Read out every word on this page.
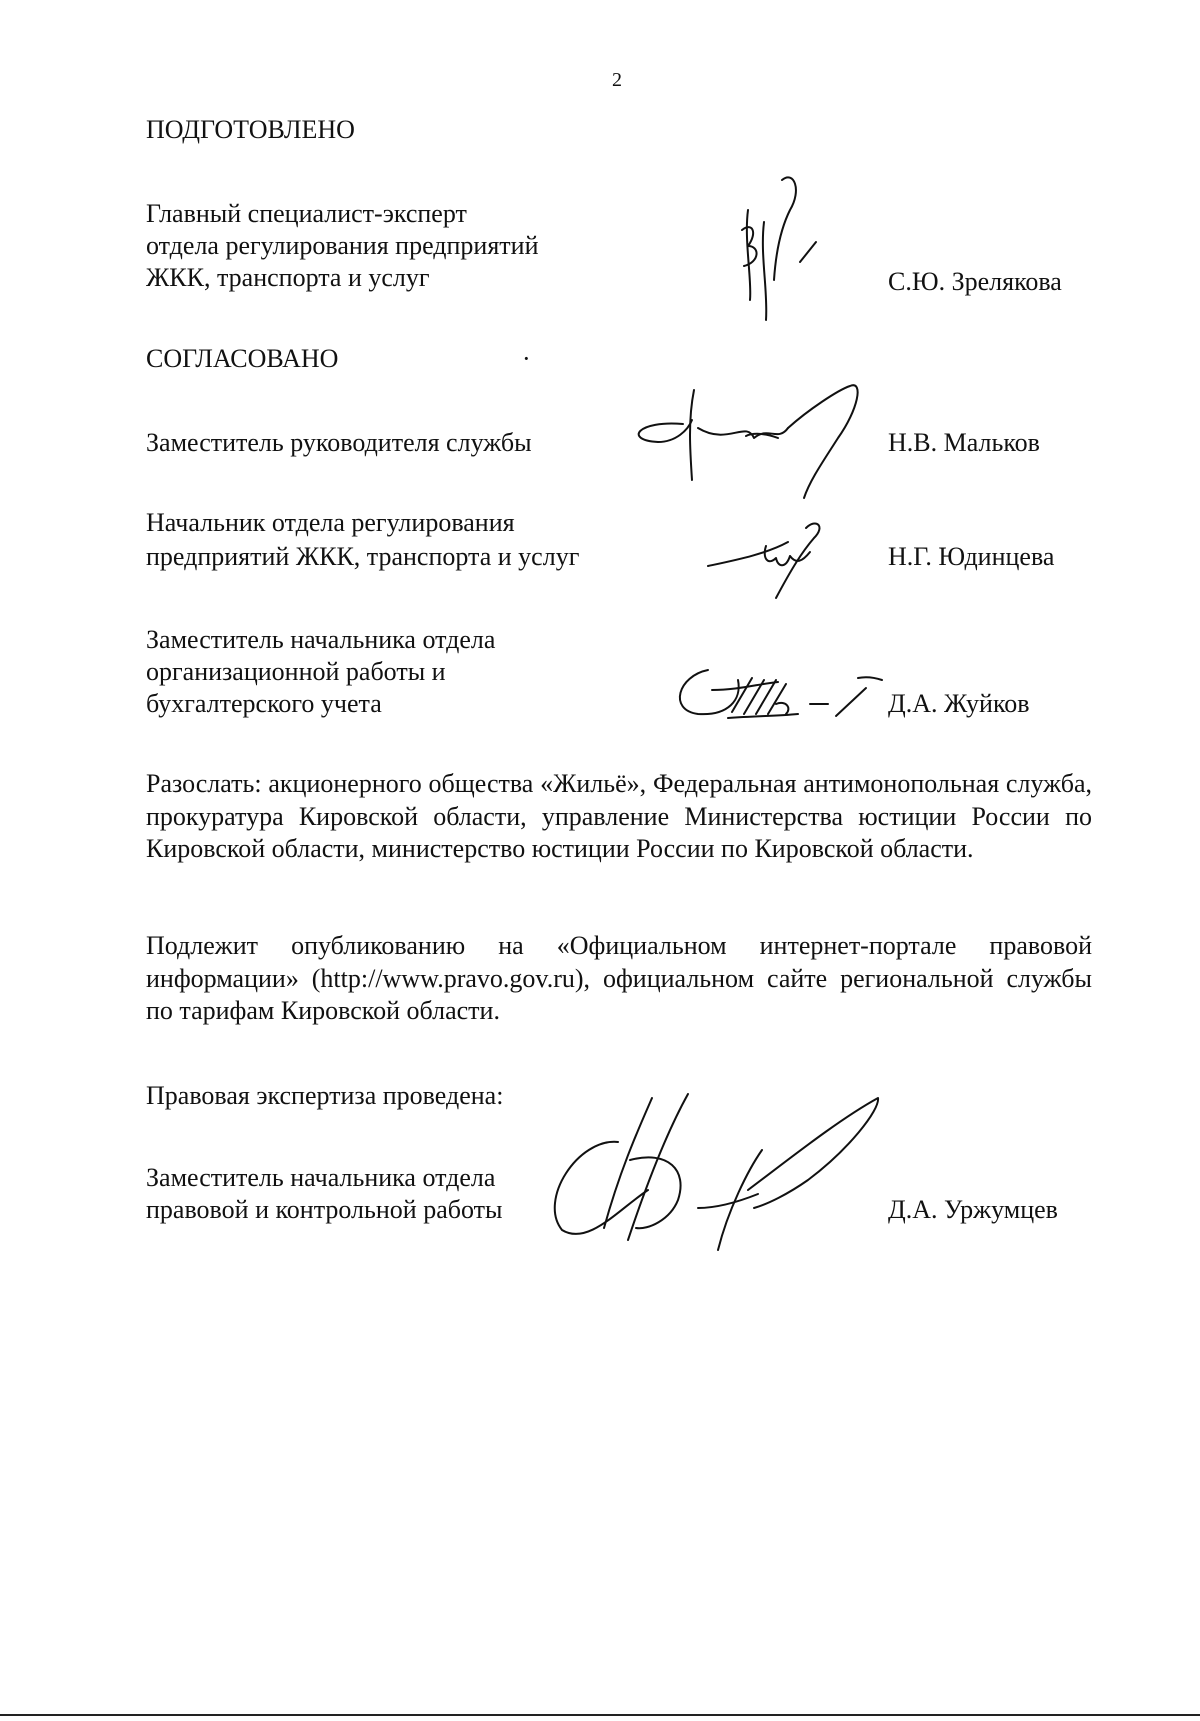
2
ПОДГОТОВЛЕНО
Главный специалист-эксперт
отдела регулирования предприятий
ЖКК, транспорта и услуг	С.Ю. Зрелякова
СОГЛАСОВАНО	·
Заместитель руководителя службы	Н.В. Мальков
Начальник отдела регулирования
предприятий ЖКК, транспорта и услуг	Н.Г. Юдинцева
Заместитель начальника отдела
организационной работы и
бухгалтерского учета	Д.А. Жуйков
Разослать: акционерного общества «Жильё», Федеральная антимонопольная служба, прокуратура Кировской области, управление Министерства юстиции России по Кировской области, министерство юстиции России по Кировской области.
Подлежит опубликованию на «Официальном интернет-портале правовой информации» (http://www.pravo.gov.ru), официальном сайте региональной службы по тарифам Кировской области.
Правовая экспертиза проведена:
Заместитель начальника отдела
правовой и контрольной работы	Д.А. Уржумцев
